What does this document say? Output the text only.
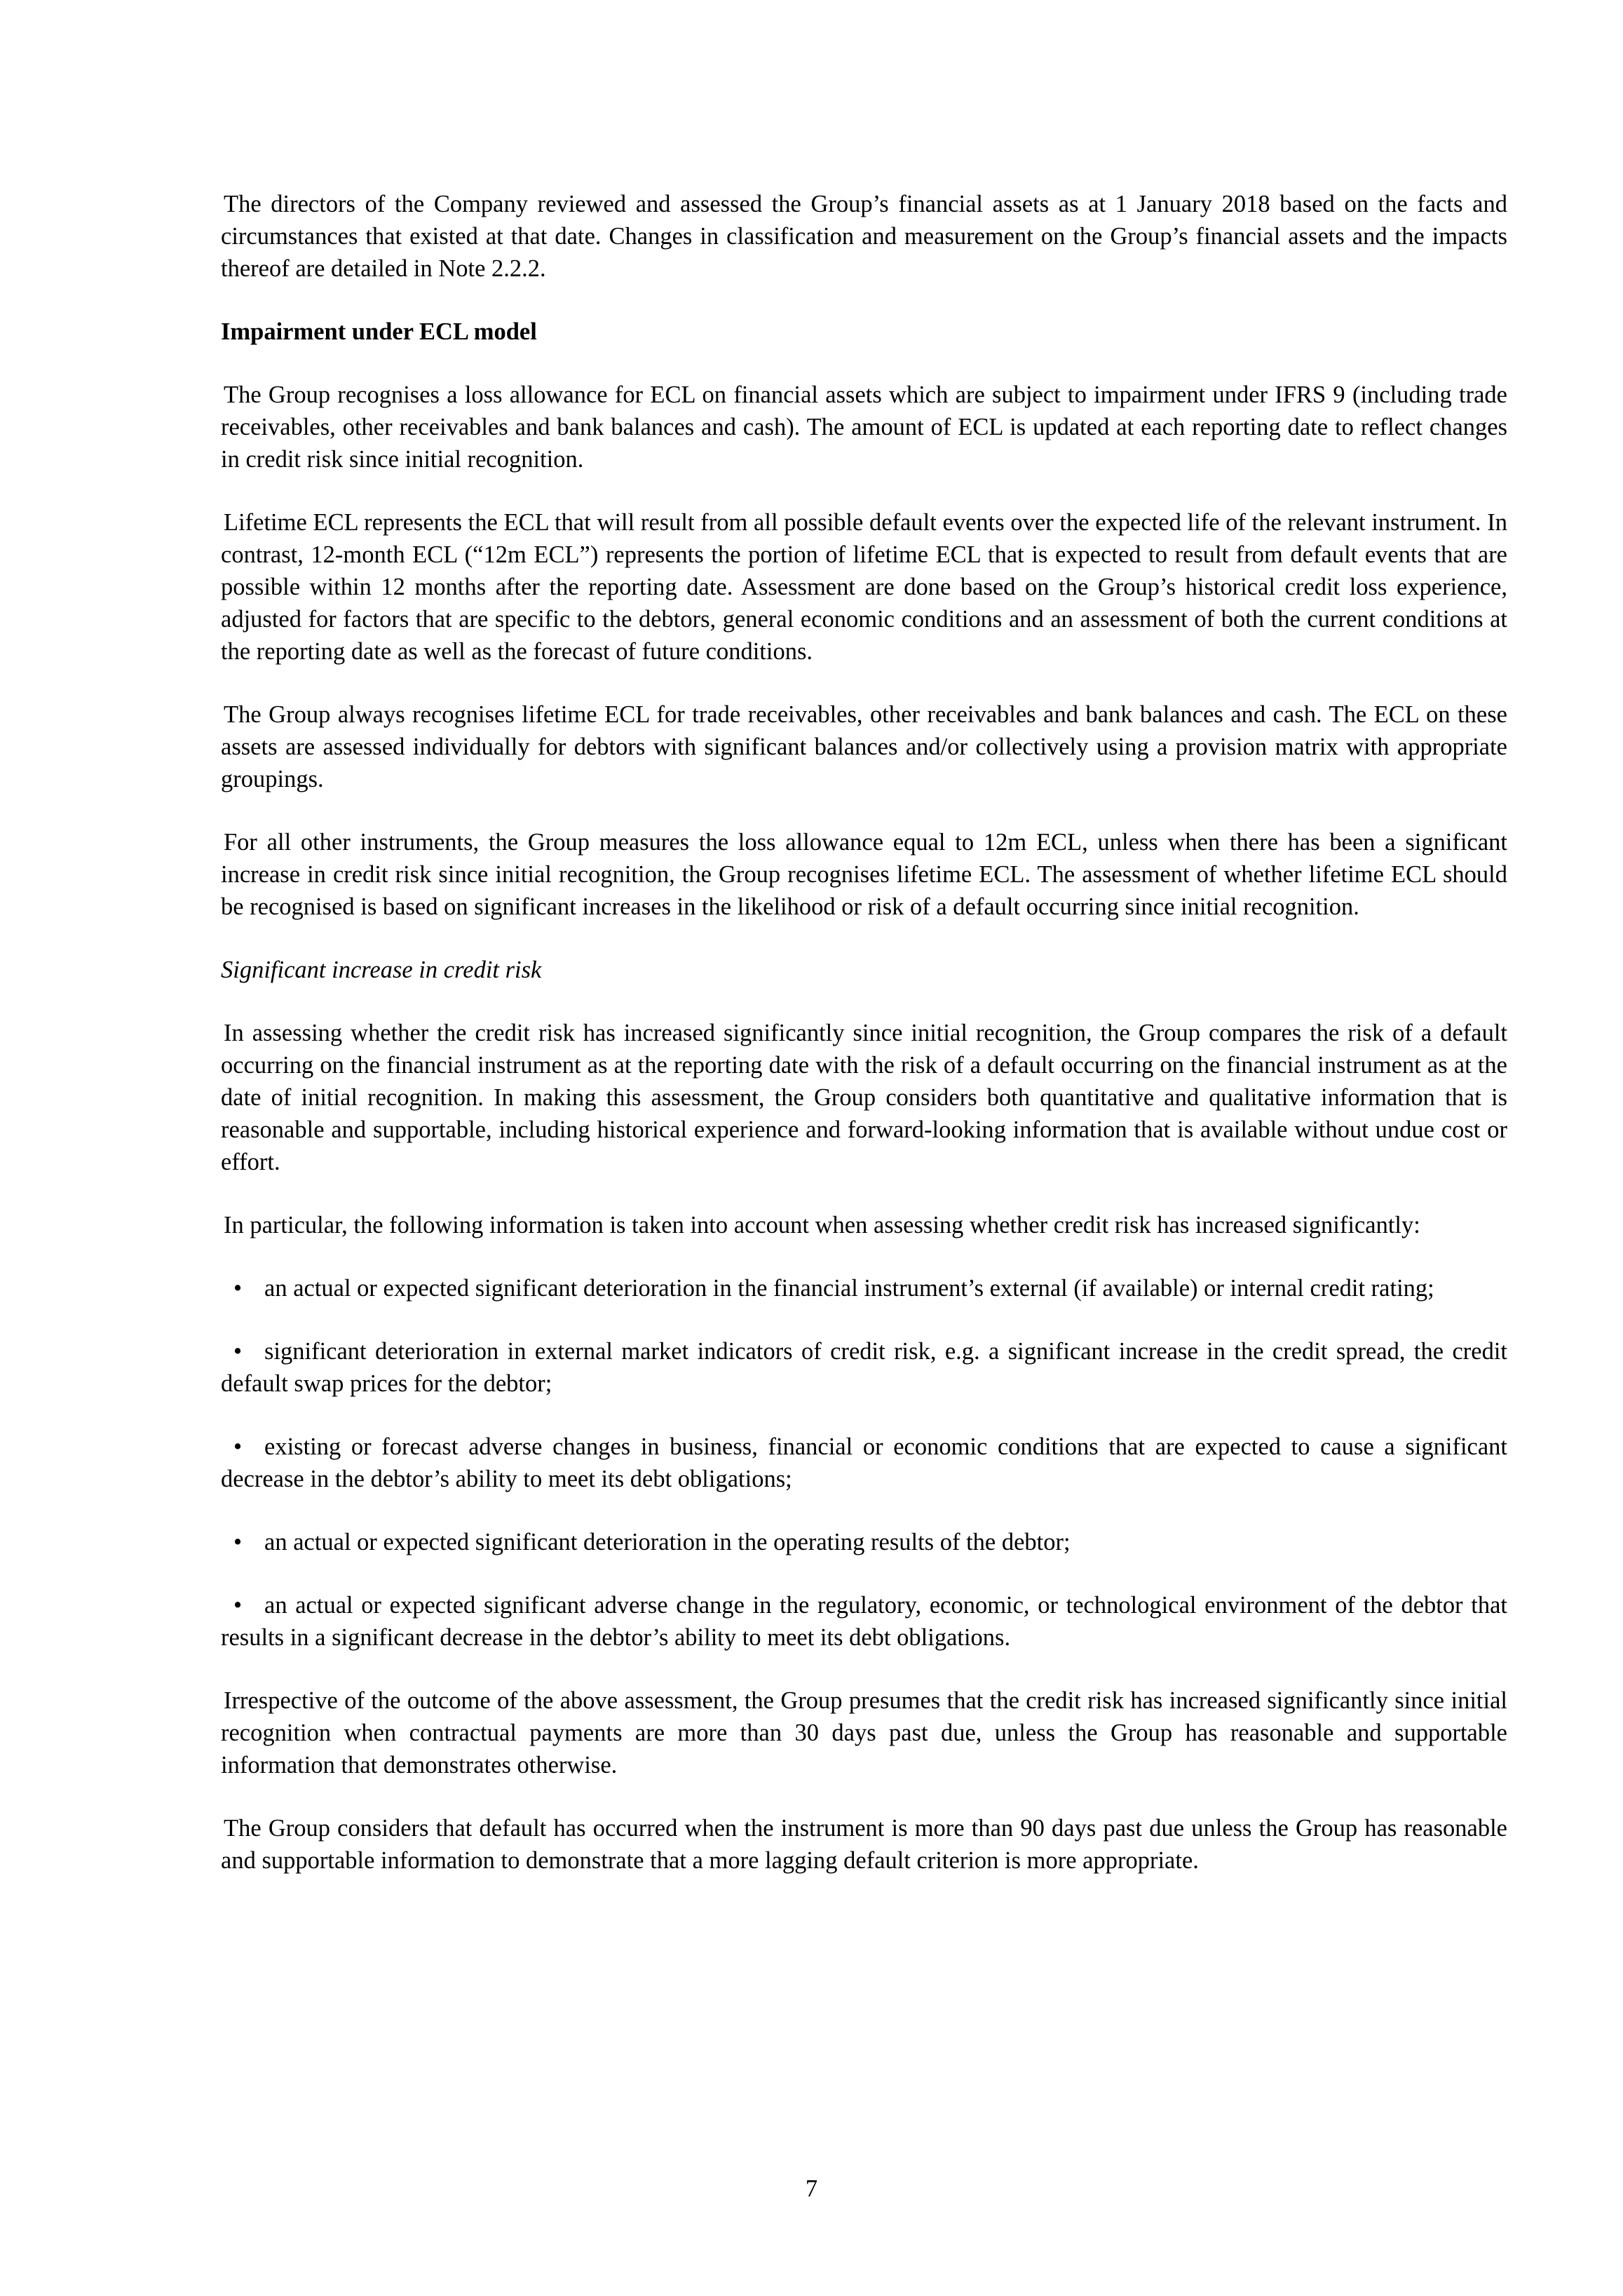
The directors of the Company reviewed and assessed the Group’s financial assets as at 1 January 2018 based on the facts and circumstances that existed at that date. Changes in classification and measurement on the Group’s financial assets and the impacts thereof are detailed in Note 2.2.2.

Impairment under ECL model

The Group recognises a loss allowance for ECL on financial assets which are subject to impairment under IFRS 9 (including trade receivables, other receivables and bank balances and cash). The amount of ECL is updated at each reporting date to reflect changes in credit risk since initial recognition.

Lifetime ECL represents the ECL that will result from all possible default events over the expected life of the relevant instrument. In contrast, 12-month ECL (“12m ECL”) represents the portion of lifetime ECL that is expected to result from default events that are possible within 12 months after the reporting date. Assessment are done based on the Group’s historical credit loss experience, adjusted for factors that are specific to the debtors, general economic conditions and an assessment of both the current conditions at the reporting date as well as the forecast of future conditions.

The Group always recognises lifetime ECL for trade receivables, other receivables and bank balances and cash. The ECL on these assets are assessed individually for debtors with significant balances and/or collectively using a provision matrix with appropriate groupings.

For all other instruments, the Group measures the loss allowance equal to 12m ECL, unless when there has been a significant increase in credit risk since initial recognition, the Group recognises lifetime ECL. The assessment of whether lifetime ECL should be recognised is based on significant increases in the likelihood or risk of a default occurring since initial recognition.

Significant increase in credit risk

In assessing whether the credit risk has increased significantly since initial recognition, the Group compares the risk of a default occurring on the financial instrument as at the reporting date with the risk of a default occurring on the financial instrument as at the date of initial recognition. In making this assessment, the Group considers both quantitative and qualitative information that is reasonable and supportable, including historical experience and forward-looking information that is available without undue cost or effort.

In particular, the following information is taken into account when assessing whether credit risk has increased significantly:

• an actual or expected significant deterioration in the financial instrument’s external (if available) or internal credit rating;

• significant deterioration in external market indicators of credit risk, e.g. a significant increase in the credit spread, the credit default swap prices for the debtor;

• existing or forecast adverse changes in business, financial or economic conditions that are expected to cause a significant decrease in the debtor’s ability to meet its debt obligations;

• an actual or expected significant deterioration in the operating results of the debtor;

• an actual or expected significant adverse change in the regulatory, economic, or technological environment of the debtor that results in a significant decrease in the debtor’s ability to meet its debt obligations.

Irrespective of the outcome of the above assessment, the Group presumes that the credit risk has increased significantly since initial recognition when contractual payments are more than 30 days past due, unless the Group has reasonable and supportable information that demonstrates otherwise.

The Group considers that default has occurred when the instrument is more than 90 days past due unless the Group has reasonable and supportable information to demonstrate that a more lagging default criterion is more appropriate.

7
